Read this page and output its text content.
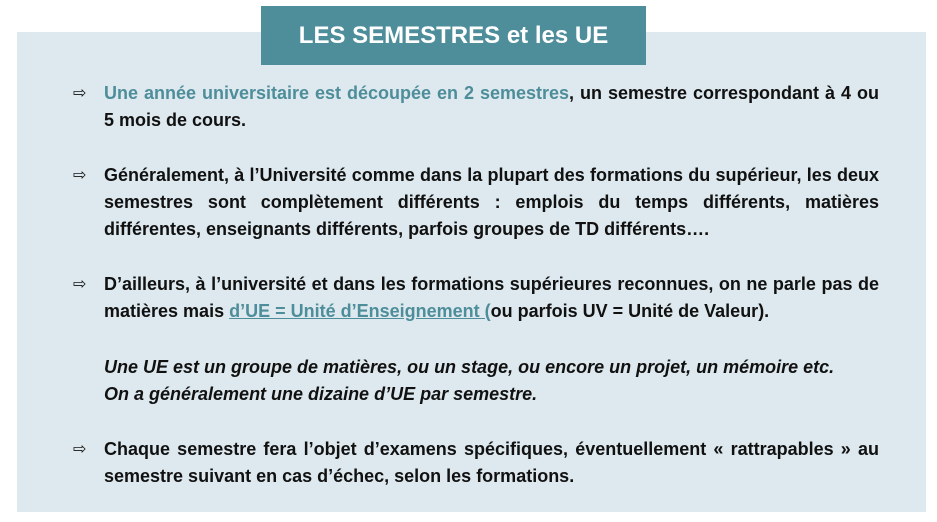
LES SEMESTRES et les UE
⇨ Une année universitaire est découpée en 2 semestres, un semestre correspondant à 4 ou 5 mois de cours.
⇨ Généralement, à l’Université comme dans la plupart des formations du supérieur, les deux semestres sont complètement différents : emplois du temps différents, matières différentes, enseignants différents, parfois groupes de TD différents….
⇨ D’ailleurs, à l’université et dans les formations supérieures reconnues, on ne parle pas de matières mais d’UE = Unité d’Enseignement (ou parfois UV = Unité de Valeur).
Une UE est un groupe de matières, ou un stage, ou encore un projet, un mémoire etc.
On a généralement une dizaine d’UE par semestre.
⇨ Chaque semestre fera l’objet d’examens spécifiques, éventuellement « rattrapables » au semestre suivant en cas d’échec, selon les formations.
